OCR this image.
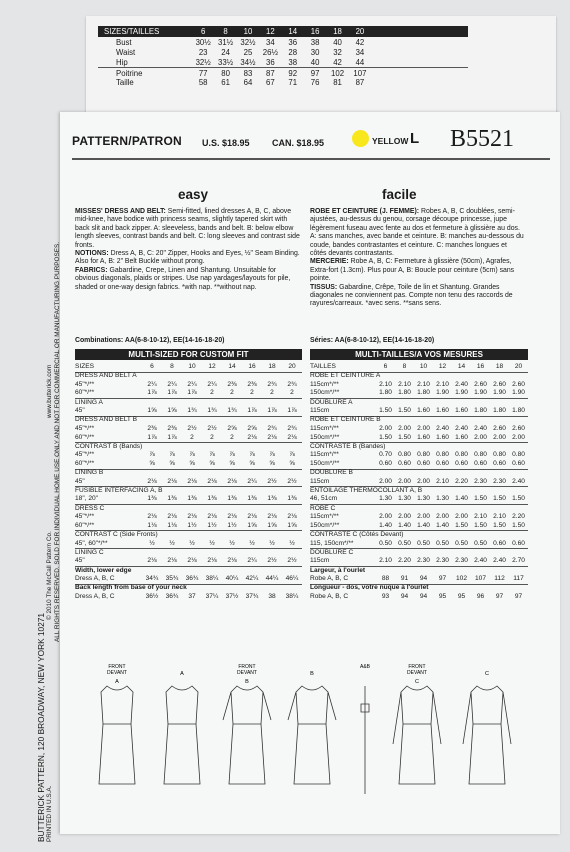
SIZES/TAILLES	6	8	10	12	14	16	18	20
Bust	30½ 31½ 32½	34	36	38	40	42
Waist	23	24	25	26½	28	30	32	34
Hip	32½ 33½ 34½	36	38	40	42	44
Poitrine	77	80	83	87	92	97	102	107
Taille	58	61	64	67	71	76	81	87
BUTTERICK PATTERN, 120 BROADWAY, NEW YORK 10271
© 2010 The McCall Pattern Co.
PRINTED IN U.S.A.
ALL RIGHTS RESERVED. SOLD FOR INDIVIDUAL HOME USE ONLY AND NOT FOR COMMERCIAL OR MANUFACTURING PURPOSES.
www.butterick.com
PATTERN/PATRON U.S. $18.95 CAN. $18.95	YELLOW L B5521
easy

MISSES' DRESS AND BELT: Semi-fitted, lined dresses A, B, C, above mid-knee, have bodice with princess seams, slightly tapered skirt with back slit and back zipper. A: sleeveless, bands and belt. B: below elbow length sleeves, contrast bands and belt. C: long sleeves and contrast side fronts.

NOTIONS: Dress A, B, C: 20" Zipper, Hooks and Eyes, ½" Seam Binding. Also for A, B: 2" Belt Buckle without prong.

FABRICS: Gabardine, Crepe, Linen and Shantung. Unsuitable for obvious diagonals, plaids or stripes. Use nap yardages/layouts for pile, shaded or one-way design fabrics. *with nap. **without nap.

Combinations: AA(6-8-10-12), EE(14-16-18-20)
MULTI-SIZED FOR CUSTOM FIT
SIZES	6	8	10	12	14	16	18	20
DRESS AND BELT A
45"*/**	2¼	2¼	2¼	2¼	2⅜	2⅜	2¾	2¾
60"*/**	1⅞	1⅞	1⅞	2	2	2	2	2
LINING A
45"	1⅝	1⅝	1¾	1¾	1¾	1⅞	1⅞	1⅞
DRESS AND BELT B
45"*/**	2⅜	2⅜	2½	2½	2⅝	2⅝	2¾	2¾
60"*/**	1⅞	1⅞	2	2	2	2⅛	2⅛	2⅛
CONTRAST B (Bands)
45"*/**	⅞	⅞	⅞	⅞	⅞	⅞	⅞	⅞
60"*/**	⅝	⅝	⅝	⅝	⅝	⅝	⅝	⅝
LINING B
45"	2⅛	2⅛	2⅛	2⅛	2⅛	2¼	2½	2½
FUSIBLE INTERFACING A, B
18", 20"	1⅜	1⅜	1⅜	1⅜	1⅜	1⅜	1⅜	1⅜
DRESS C
45"*/**	2⅛	2⅛	2⅛	2⅛	2⅛	2⅛	2⅛	2⅛
60"*/**	1⅛	1⅛	1½	1½	1½	1⅝	1⅝	1⅝
CONTRAST C (Side Fronts)
45", 60"*/**	½	½	½	½	½	½	½	½
LINING C
45"	2⅛	2⅛	2⅛	2⅛	2⅛	2¼	2½	2½
Width, lower edge
Dress A, B, C	34¾	35¾	36¾	38¼	40¼	42¼	44¼	46¼
Back length from base of your neck
Dress A, B, C	36½	36¾	37	37¼	37½	37¾	38	38¼
facile

ROBE ET CEINTURE (J. FEMME): Robes A, B, C doublées, semi-ajustées, au-dessus du genou, corsage découpe princesse, jupe légèrement fuseau avec fente au dos et fermeture à glissière au dos. A: sans manches, avec bande et ceinture. B: manches au-dessous du coude, bandes contrastantes et ceinture. C: manches longues et côtés devants contrastants.

MERCERIE: Robe A, B, C: Fermeture à glissière (50cm), Agrafes, Extra-fort (1.3cm). Plus pour A, B: Boucle pour ceinture (5cm) sans pointe.

TISSUS: Gabardine, Crêpe, Toile de lin et Shantung. Grandes diagonales ne conviennent pas. Compte non tenu des raccords de rayures/carreaux. *avec sens. **sans sens.

Séries: AA(6-8-10-12), EE(14-16-18-20)
MULTI-TAILLES/A VOS MESURES
TAILLES	6	8	10	12	14	16	18	20
ROBE ET CEINTURE A
115cm*/**	2.10 2.10 2.10 2.10 2.40 2.60 2.60 2.60
150cm*/**	1.80 1.80 1.80 1.90 1.90 1.90 1.90 1.90
DOUBLURE A
115cm	1.50 1.50 1.60 1.60 1.60 1.80 1.80 1.80
ROBE ET CEINTURE B
115cm*/**	2.00 2.00 2.00 2.40 2.40 2.40 2.60 2.60
150cm*/**	1.50 1.50 1.60 1.60 1.60 2.00 2.00 2.00
CONTRASTE B (Bandes)
115cm*/**	0.70 0.80 0.80 0.80 0.80 0.80 0.80 0.80
150cm*/**	0.60 0.60 0.60 0.60 0.60 0.60 0.60 0.60
DOUBLURE B
115cm	2.00 2.00 2.00 2.10 2.20 2.30 2.30 2.40
ENTOILAGE THERMOCOLLANT A, B
46, 51cm	1.30 1.30 1.30 1.30 1.40 1.50 1.50 1.50
ROBE C
115cm*/**	2.00 2.00 2.00 2.00 2.00 2.10 2.10 2.20
150cm*/**	1.40 1.40 1.40 1.40 1.50 1.50 1.50 1.50
CONTRASTE C (Côtés Devant)
115, 150cm*/**	0.50 0.50 0.50 0.50 0.50 0.50 0.60 0.60
DOUBLURE C
115cm	2.10 2.20 2.30 2.30 2.30 2.40 2.40 2.70
Largeur, à l'ourlet
Robe A, B, C	88	91	94	97	102	107	112	117
Longueur - dos, votre nuque à l'ourlet
Robe A, B, C	93	94	94	95	95	96	97	97
FRONT DEVANT
A
A
FRONT DEVANT
B
B
A&B	FRONT DEVANT
C
C
